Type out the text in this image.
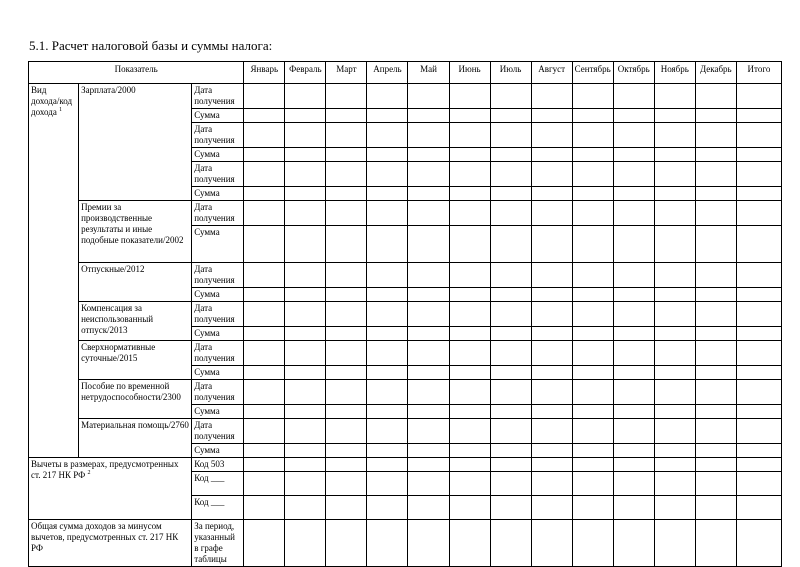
5.1. Расчет налоговой базы и суммы налога:
Показатель			Январь	Февраль	Март	Апрель	Май	Июнь	Июль	Август	Сентябрь	Октябрь	Ноябрь	Декабрь	Итого
Вид дохода/код дохода $^1$	Зарплата/2000	Дата получения													
		Сумма													
		Дата получения													
		Сумма													
		Дата получения													
		Сумма													
	Премии за производственные результаты и иные подобные показатели/2002	Дата получения													
		Сумма													
	Отпускные/2012	Дата получения													
		Сумма													
	Компенсация за неиспользованный отпуск/2013	Дата получения													
		Сумма													
	Сверхнормативные суточные/2015	Дата получения													
		Сумма													
	Пособие по временной нетрудоспособности/2300	Дата получения													
		Сумма													
	Материальная помощь/2760	Дата получения													
		Сумма													
Вычеты в размерах, предусмотренных ст. 217 НК РФ $^2$		Код 503													
		Код ___													
		Код ___													
Общая сумма доходов за минусом вычетов, предусмотренных ст. 217 НК РФ		За период, указанный в графе таблицы													
